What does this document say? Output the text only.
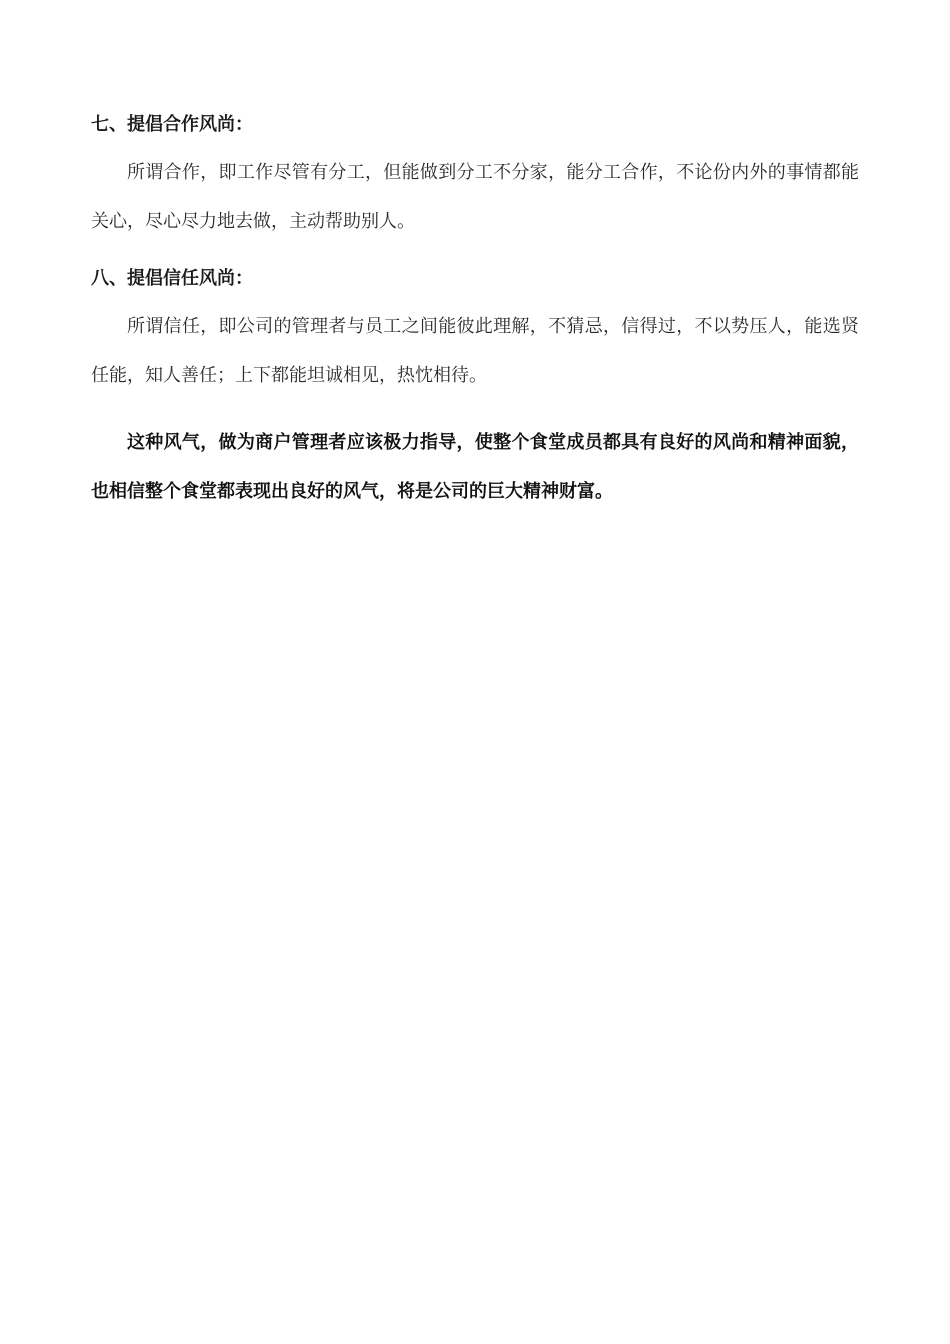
七、提倡合作风尚：

所谓合作，即工作尽管有分工，但能做到分工不分家，能分工合作，不论份内外的事情都能关心，尽心尽力地去做，主动帮助别人。

八、提倡信任风尚：

所谓信任，即公司的管理者与员工之间能彼此理解，不猜忌，信得过，不以势压人，能选贤任能，知人善任；上下都能坦诚相见，热忱相待。

这种风气，做为商户管理者应该极力指导，使整个食堂成员都具有良好的风尚和精神面貌，也相信整个食堂都表现出良好的风气，将是公司的巨大精神财富。
